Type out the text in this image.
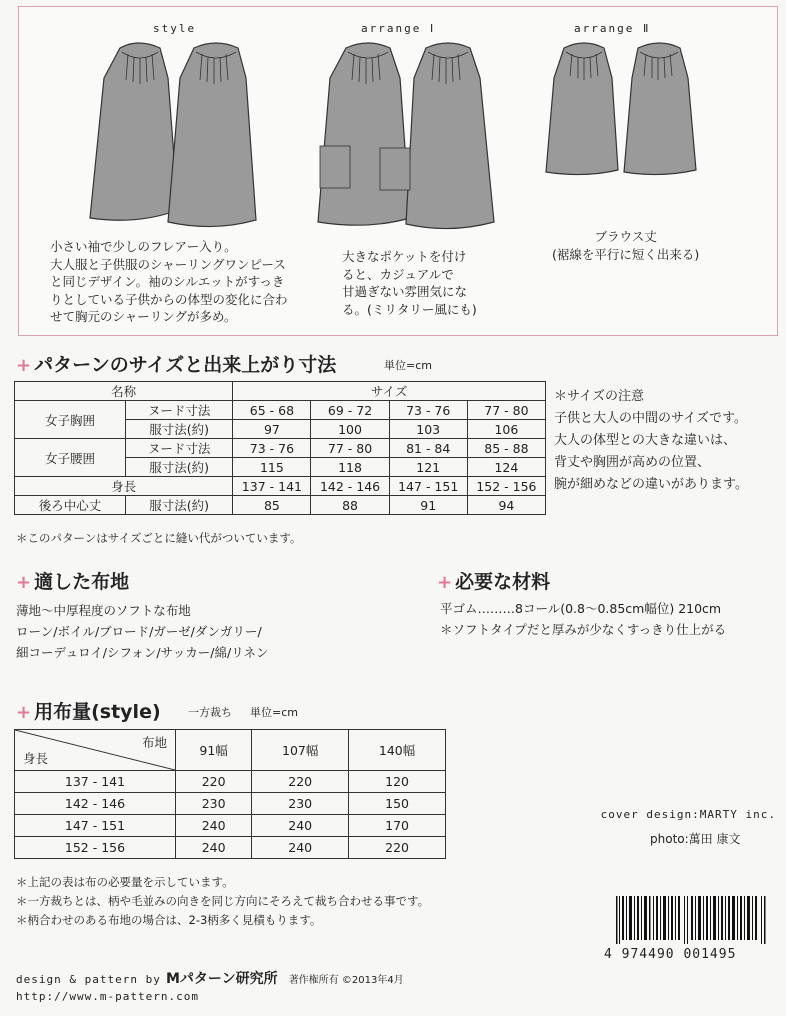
style	arrange Ⅰ	arrange Ⅱ
小さい袖で少しのフレアー入り。
大人服と子供服のシャーリングワンピース
と同じデザイン。袖のシルエットがすっき
りとしている子供からの体型の変化に合わ
せて胸元のシャーリングが多め。
大きなポケットを付け
ると、カジュアルで
甘過ぎない雰囲気にな
る。(ミリタリー風にも)
ブラウス丈
(裾線を平行に短く出来る)
+ パターンのサイズと出来上がり寸法	単位=cm
名称		サイズ			
女子胸囲	ヌード寸法	65 - 68	69 - 72	73 - 76	77 - 80
	服寸法(約)	97	100	103	106
女子腰囲	ヌード寸法	73 - 76	77 - 80	81 - 84	85 - 88
	服寸法(約)	115	118	121	124
身長		137 - 141	142 - 146	147 - 151	152 - 156
後ろ中心丈	服寸法(約)	85	88	91	94
＊このパターンはサイズごとに縫い代がついています。
＊サイズの注意
子供と大人の中間のサイズです。
大人の体型との大きな違いは、
背丈や胸囲が高めの位置、
腕が細めなどの違いがあります。
+ 適した布地
薄地〜中厚程度のソフトな布地
ローン/ボイル/ブロード/ガーゼ/ダンガリー/
細コーデュロイ/シフォン/サッカー/綿/リネン
+ 必要な材料
平ゴム………8コール(0.8〜0.85cm幅位) 210cm
＊ソフトタイプだと厚みが少なくすっきり仕上がる
+ 用布量(style) 一方裁ち 単位=cm
布地
身長	91幅	107幅	140幅
137 - 141	220	220	120
142 - 146	230	230	150
147 - 151	240	240	170
152 - 156	240	240	220
＊上記の表は布の必要量を示しています。
＊一方裁ちとは、柄や毛並みの向きを同じ方向にそろえて裁ち合わせる事です。
＊柄合わせのある布地の場合は、2-3柄多く見積もります。
cover design:MARTY inc.
photo:萬田 康文
design & pattern by Mパターン研究所 著作権所有 ©2013年4月
http://www.m-pattern.com
4 974490 001495
